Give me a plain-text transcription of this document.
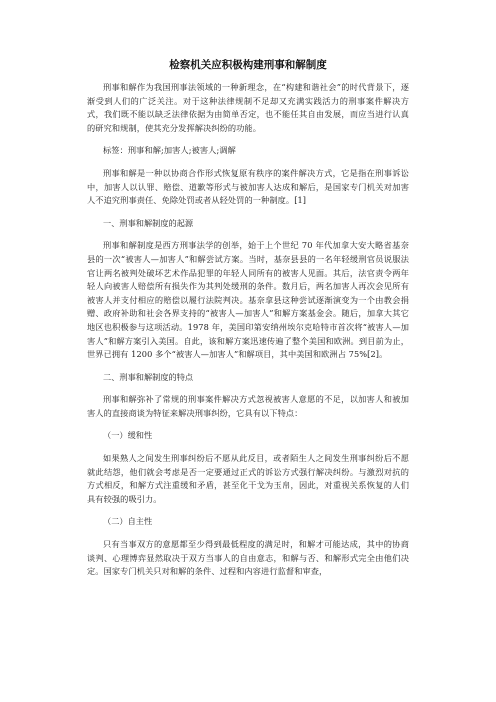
检察机关应积极构建刑事和解制度

刑事和解作为我国刑事法领域的一种新理念，在“构建和谐社会”的时代背景下，逐渐受到人们的广泛关注。对于这种法律规制不足却又充满实践活力的刑事案件解决方式，我们既不能以缺乏法律依据为由简单否定，也不能任其自由发展，而应当进行认真的研究和规制，使其充分发挥解决纠纷的功能。

标签：刑事和解;加害人;被害人;调解

刑事和解是一种以协商合作形式恢复原有秩序的案件解决方式，它是指在刑事诉讼中，加害人以认罪、赔偿、道歉等形式与被加害人达成和解后，是国家专门机关对加害人不追究刑事责任、免除处罚或者从轻处罚的一种制度。[1]

一、刑事和解制度的起源

刑事和解制度是西方刑事法学的创举，始于上个世纪 70 年代加拿大安大略省基奈县的一次“被害人—加害人”和解尝试方案。当时，基奈县县的一名年轻缓刑官员说服法官让两名被判处破坏艺术作品犯罪的年轻人同所有的被害人见面。其后，法官责令两年轻人向被害人赔偿所有损失作为其判处缓刑的条件。数月后，两名加害人再次会见所有被害人并支付相应的赔偿以履行法院判决。基奈拿县这种尝试逐渐演变为一个由教会捐赠、政府补助和社会各界支持的“被害人—加害人”和解方案基金会。随后，加拿大其它地区也积极参与这项活动。1978 年，美国印第安纳州埃尔克哈特市首次将“被害人—加害人”和解方案引入美国。自此，该和解方案迅速传遍了整个美国和欧洲。到目前为止，世界已拥有 1200 多个“被害人—加害人”和解项目，其中美国和欧洲占 75%[2]。

二、刑事和解制度的特点

刑事和解弥补了常规的刑事案件解决方式忽视被害人意愿的不足，以加害人和被加害人的直接商谈为特征来解决刑事纠纷，它具有以下特点：

（一）缓和性

如果熟人之间发生刑事纠纷后不愿从此反目，或者陌生人之间发生刑事纠纷后不愿就此结怨，他们就会考虑是否一定要通过正式的诉讼方式强行解决纠纷。与激烈对抗的方式相反，和解方式注重缓和矛盾，甚至化干戈为玉帛，因此，对重视关系恢复的人们具有较强的吸引力。

（二）自主性

只有当事双方的意愿都至少得到最低程度的满足时，和解才可能达成，其中的协商谈判、心理博弈显然取决于双方当事人的自由意志，和解与否、和解形式完全由他们决定。国家专门机关只对和解的条件、过程和内容进行监督和审查，
